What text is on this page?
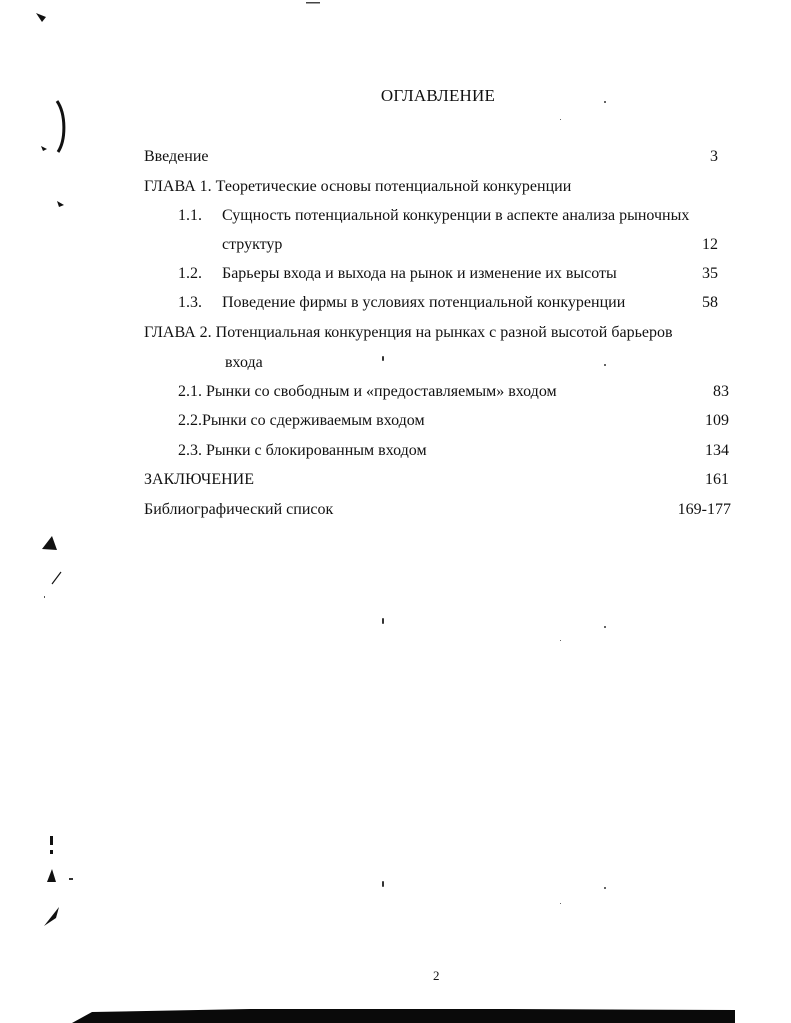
ОГЛАВЛЕНИЕ
Введение	3
ГЛАВА 1. Теоретические основы потенциальной конкуренции
1.1. Сущность потенциальной конкуренции в аспекте анализа рыночных
структур	12
1.2. Барьеры входа и выхода на рынок и изменение их высоты	35
1.3. Поведение фирмы в условиях потенциальной конкуренции	58
ГЛАВА 2. Потенциальная конкуренция на рынках с разной высотой барьеров
входа
2.1. Рынки со свободным и «предоставляемым» входом	83
2.2.Рынки со сдерживаемым входом	109
2.3. Рынки с блокированным входом	134
ЗАКЛЮЧЕНИЕ	161
Библиографический список	169-177
2
